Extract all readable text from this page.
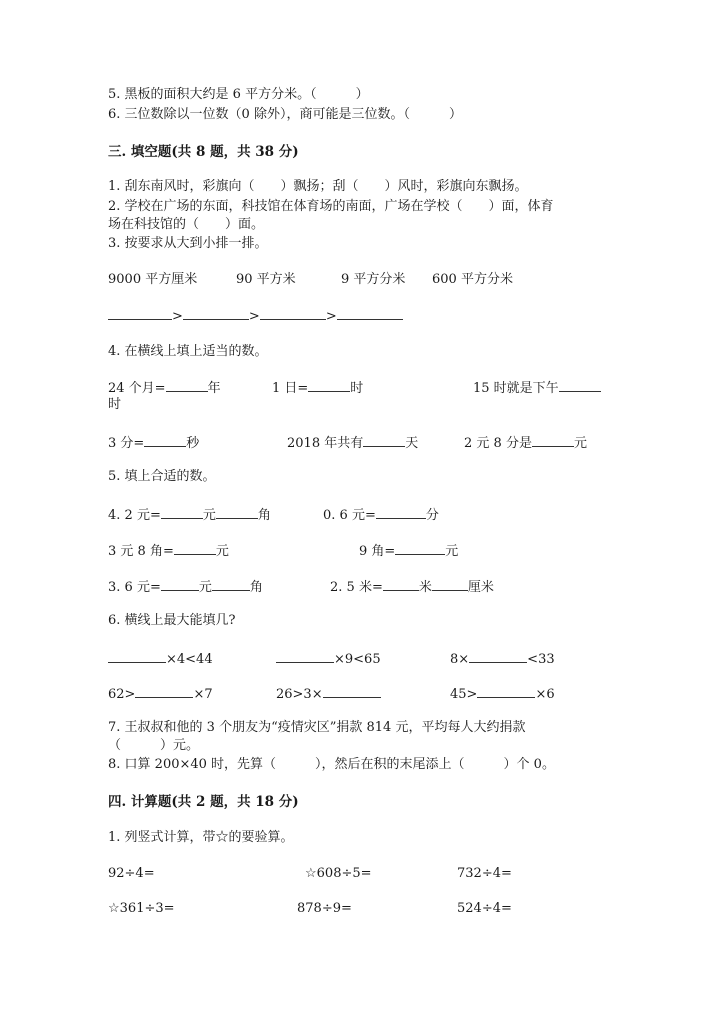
5. 黑板的面积大约是 6 平方分米。（　　　）
6. 三位数除以一位数（0 除外），商可能是三位数。（　　　）
三. 填空题(共 8 题，共 38 分)
1. 刮东南风时，彩旗向（　　）飘扬；刮（　　）风时，彩旗向东飘扬。
2. 学校在广场的东面，科技馆在体育场的南面，广场在学校（　　）面，体育
场在科技馆的（　　）面。
3. 按要求从大到小排一排。
9000 平方厘米	90 平方米	9 平方分米 600 平方分米
>	>	>
4. 在横线上填上适当的数。
24 个月=	年	1 日=	时	15 时就是下午
时
3 分=	秒	2018 年共有	天	2 元 8 分是	元
5. 填上合适的数。
4. 2 元=	元	角	0. 6 元=	分
3 元 8 角=	元	9 角=	元
3. 6 元=	元	角	2. 5 米=	米	厘米
6. 横线上最大能填几?
×4<44	×9<65	8×	<33
62>	×7	26>3×	45>	×6
7. 王叔叔和他的 3 个朋友为“疫情灾区”捐款 814 元，平均每人大约捐款
（　　　）元。
8. 口算 200×40 时，先算（　　　），然后在积的末尾添上（　　　）个 0。
四. 计算题(共 2 题，共 18 分)
1. 列竖式计算，带☆的要验算。
92÷4=	☆608÷5=	732÷4=
☆361÷3=	878÷9=	524÷4=
